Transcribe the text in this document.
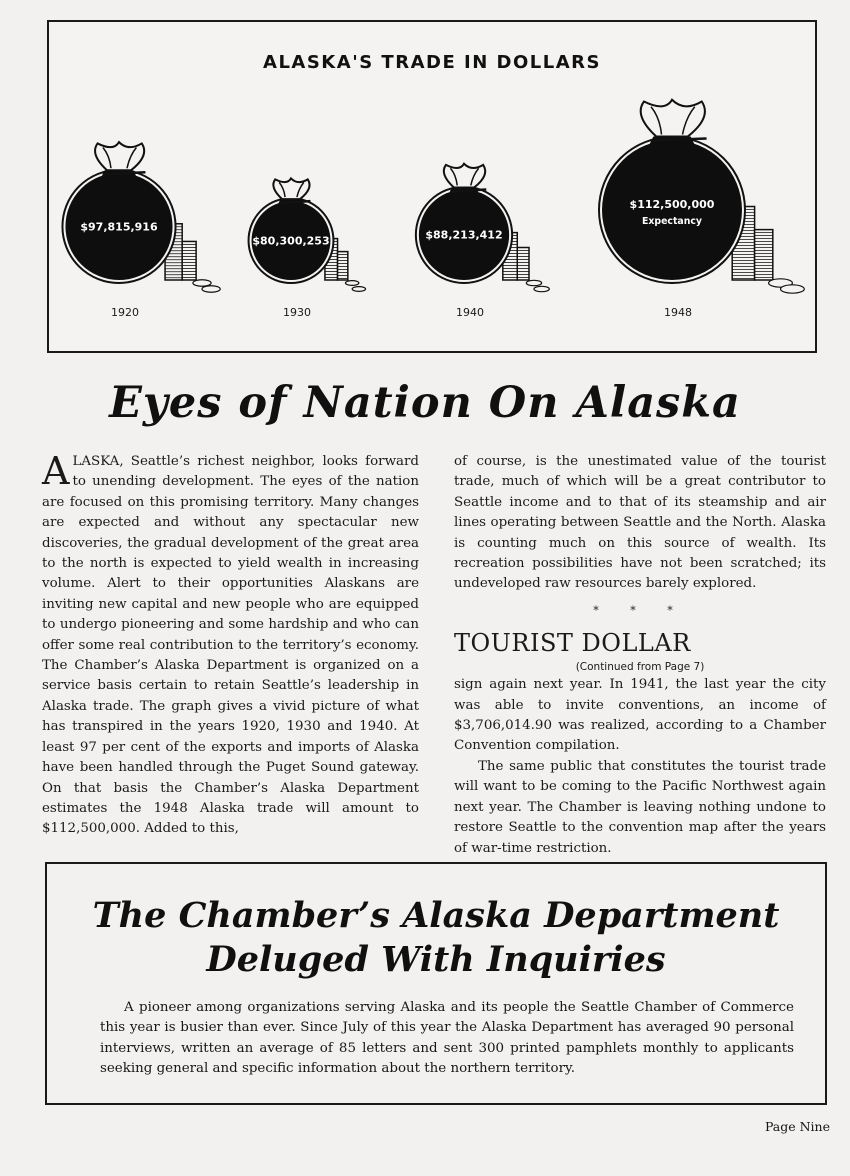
ALASKA'S TRADE IN DOLLARS
$97,815,916
1920
$80,300,253
1930
$88,213,412
1940
$112,500,000
Expectancy
1948
Eyes of Nation On Alaska

ALASKA, Seattle’s richest neighbor, looks forward to unending development. The eyes of the nation are focused on this promising territory. Many changes are expected and without any spectacular new discoveries, the gradual development of the great area to the north is expected to yield wealth in increasing volume. Alert to their opportunities Alaskans are inviting new capital and new people who are equipped to undergo pioneering and some hardship and who can offer some real contribution to the territory’s economy. The Chamber’s Alaska Department is organized on a service basis certain to retain Seattle’s leadership in Alaska trade. The graph gives a vivid picture of what has transpired in the years 1920, 1930 and 1940. At least 97 per cent of the exports and imports of Alaska have been handled through the Puget Sound gateway. On that basis the Chamber’s Alaska Department estimates the 1948 Alaska trade will amount to $112,500,000. Added to this,

of course, is the unestimated value of the tourist trade, much of which will be a great contributor to Seattle income and to that of its steamship and air lines operating between Seattle and the North. Alaska is counting much on this source of wealth. Its recreation possibilities have not been scratched; its undeveloped raw resources barely explored.

* * *
TOURIST DOLLAR
(Continued from Page 7)

sign again next year. In 1941, the last year the city was able to invite conventions, an income of $3,706,014.90 was realized, according to a Chamber Convention compilation.

The same public that constitutes the tourist trade will want to be coming to the Pacific Northwest again next year. The Chamber is leaving nothing undone to restore Seattle to the convention map after the years of war-time restriction.

The Chamber’s Alaska Department
Deluged With Inquiries
A pioneer among organizations serving Alaska and its people the Seattle Chamber of Commerce this year is busier than ever. Since July of this year the Alaska Department has averaged 90 personal interviews, written an average of 85 letters and sent 300 printed pamphlets monthly to applicants seeking general and specific information about the northern territory.
Page Nine
